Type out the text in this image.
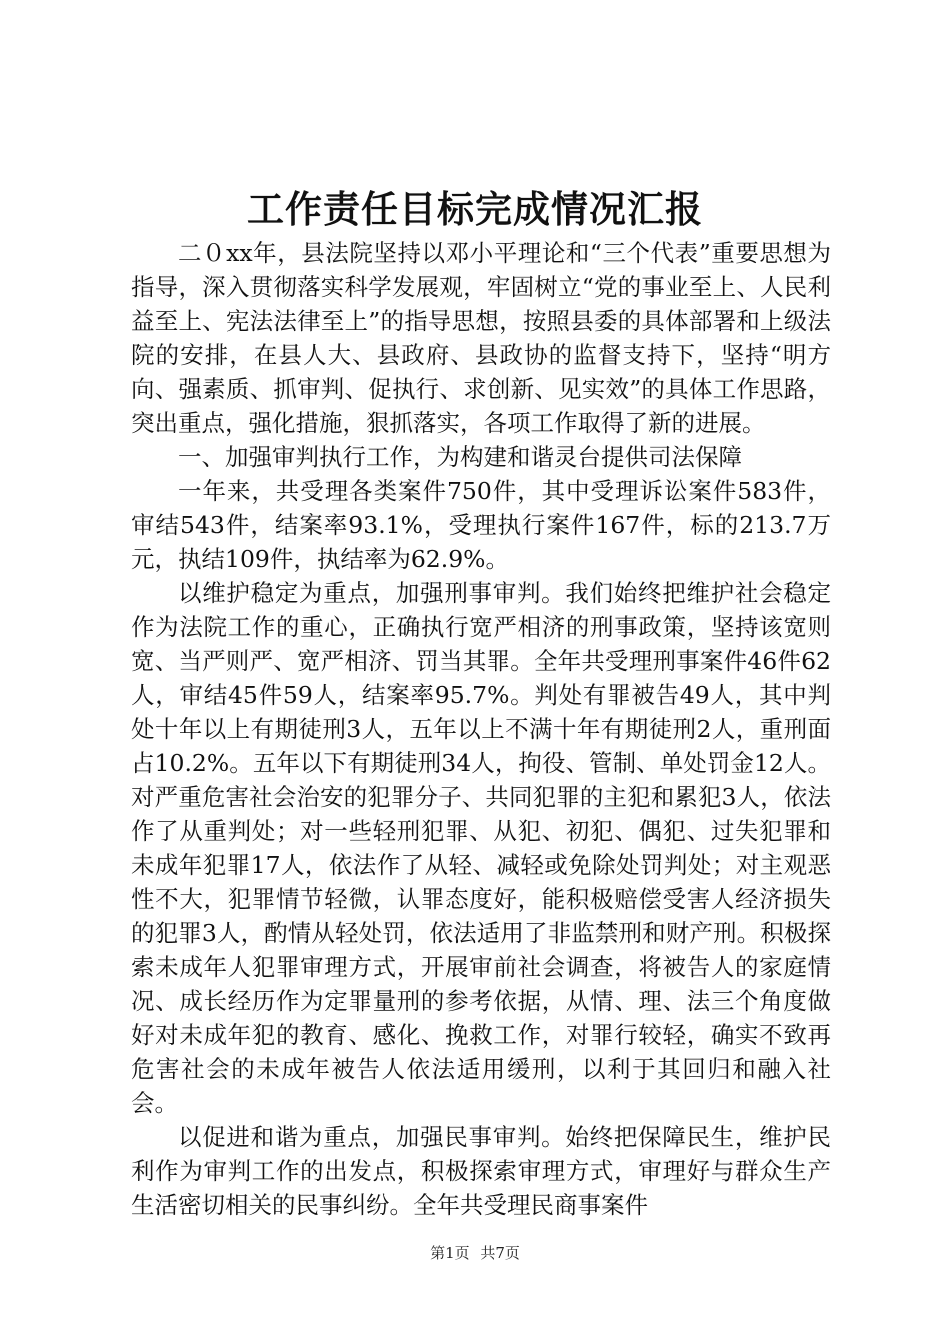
工作责任目标完成情况汇报

二０xx年，县法院坚持以邓小平理论和“三个代表”重要思想为指导，深入贯彻落实科学发展观，牢固树立“党的事业至上、人民利益至上、宪法法律至上”的指导思想，按照县委的具体部署和上级法院的安排，在县人大、县政府、县政协的监督支持下，坚持“明方向、强素质、抓审判、促执行、求创新、见实效”的具体工作思路，突出重点，强化措施，狠抓落实，各项工作取得了新的进展。

一、加强审判执行工作，为构建和谐灵台提供司法保障

一年来，共受理各类案件750件，其中受理诉讼案件583件，审结543件，结案率93.1%，受理执行案件167件，标的213.7万元，执结109件，执结率为62.9%。

以维护稳定为重点，加强刑事审判。我们始终把维护社会稳定作为法院工作的重心，正确执行宽严相济的刑事政策，坚持该宽则宽、当严则严、宽严相济、罚当其罪。全年共受理刑事案件46件62人，审结45件59人，结案率95.7%。判处有罪被告49人，其中判处十年以上有期徒刑3人，五年以上不满十年有期徒刑2人，重刑面占10.2%。五年以下有期徒刑34人，拘役、管制、单处罚金12人。对严重危害社会治安的犯罪分子、共同犯罪的主犯和累犯3人，依法作了从重判处；对一些轻刑犯罪、从犯、初犯、偶犯、过失犯罪和未成年犯罪17人，依法作了从轻、减轻或免除处罚判处；对主观恶性不大，犯罪情节轻微，认罪态度好，能积极赔偿受害人经济损失的犯罪3人，酌情从轻处罚，依法适用了非监禁刑和财产刑。积极探索未成年人犯罪审理方式，开展审前社会调查，将被告人的家庭情况、成长经历作为定罪量刑的参考依据，从情、理、法三个角度做好对未成年犯的教育、感化、挽救工作，对罪行较轻，确实不致再危害社会的未成年被告人依法适用缓刑，以利于其回归和融入社会。

以促进和谐为重点，加强民事审判。始终把保障民生，维护民利作为审判工作的出发点，积极探索审理方式，审理好与群众生产生活密切相关的民事纠纷。全年共受理民商事案件

第1页 共7页
